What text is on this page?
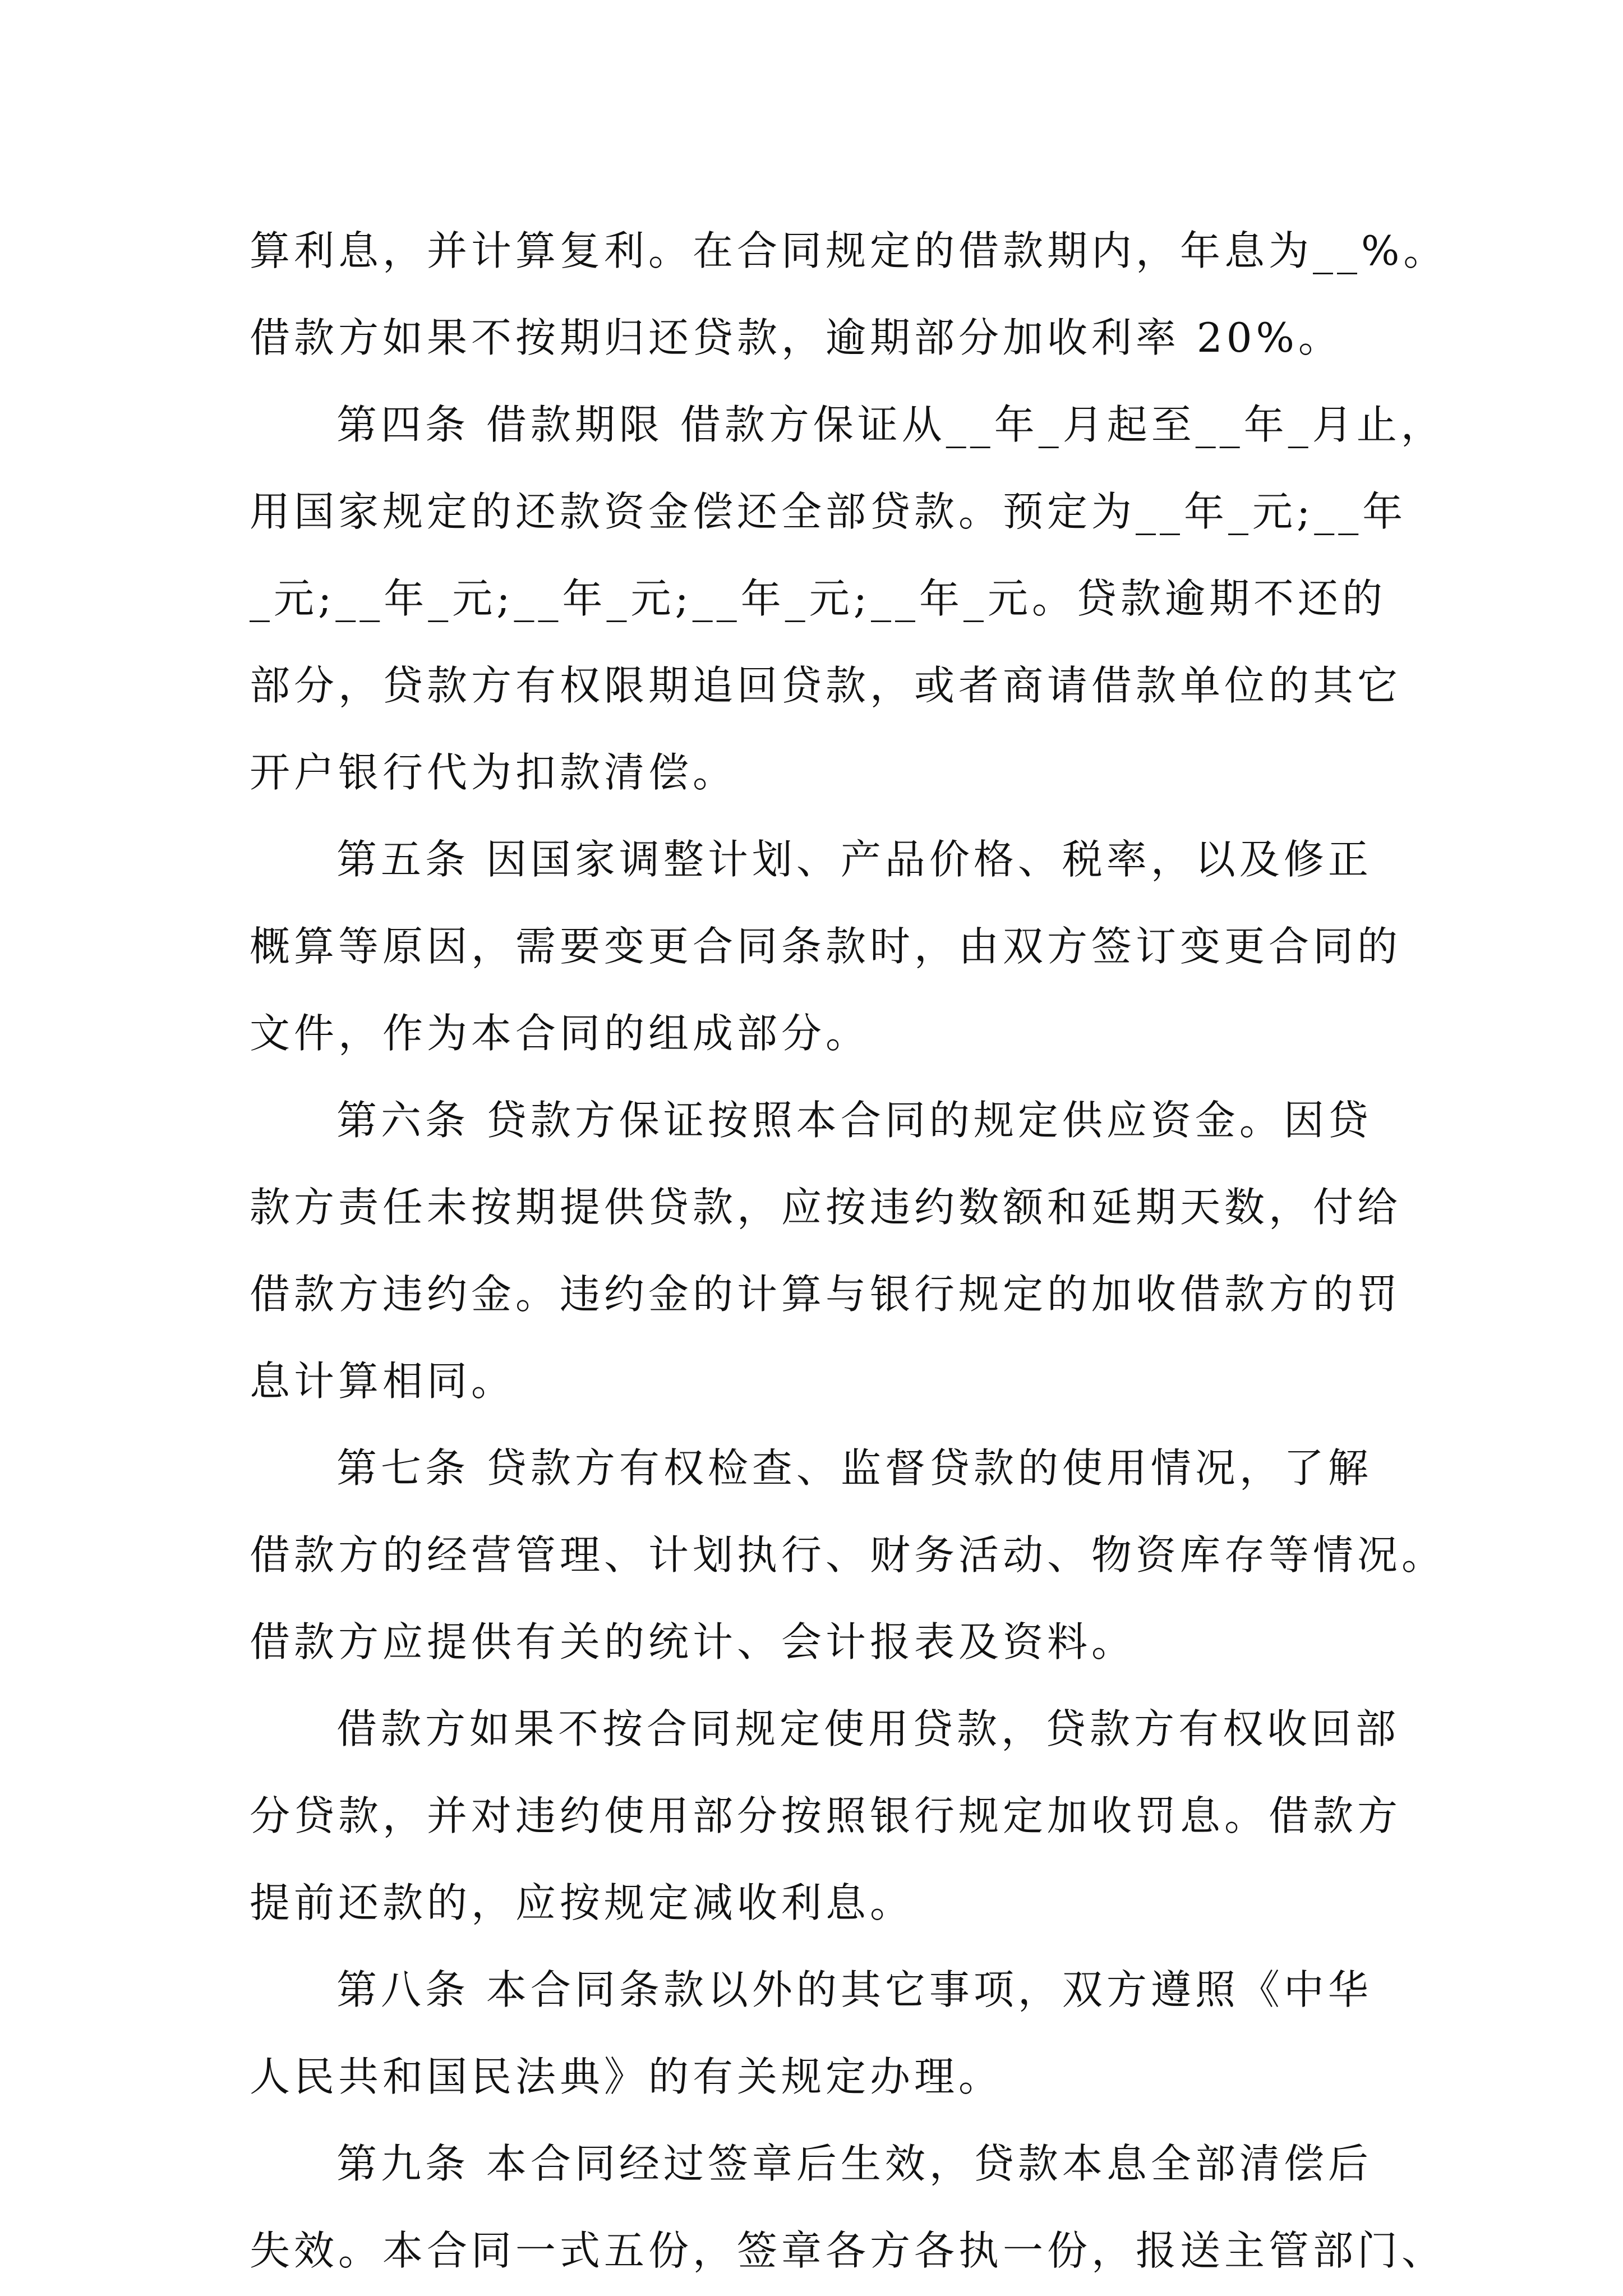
算利息，并计算复利。在合同规定的借款期内，年息为__%。
借款方如果不按期归还贷款，逾期部分加收利率 20%。
第四条 借款期限 借款方保证从__年_月起至__年_月止，
用国家规定的还款资金偿还全部贷款。预定为__年_元;__年
_元;__年_元;__年_元;__年_元;__年_元。贷款逾期不还的
部分，贷款方有权限期追回贷款，或者商请借款单位的其它
开户银行代为扣款清偿。
第五条 因国家调整计划、产品价格、税率，以及修正
概算等原因，需要变更合同条款时，由双方签订变更合同的
文件，作为本合同的组成部分。
第六条 贷款方保证按照本合同的规定供应资金。因贷
款方责任未按期提供贷款，应按违约数额和延期天数，付给
借款方违约金。违约金的计算与银行规定的加收借款方的罚
息计算相同。
第七条 贷款方有权检查、监督贷款的使用情况，了解
借款方的经营管理、计划执行、财务活动、物资库存等情况。
借款方应提供有关的统计、会计报表及资料。
借款方如果不按合同规定使用贷款，贷款方有权收回部
分贷款，并对违约使用部分按照银行规定加收罚息。借款方
提前还款的，应按规定减收利息。
第八条 本合同条款以外的其它事项，双方遵照《中华
人民共和国民法典》的有关规定办理。
第九条 本合同经过签章后生效，贷款本息全部清偿后
失效。本合同一式五份，签章各方各执一份，报送主管部门、
